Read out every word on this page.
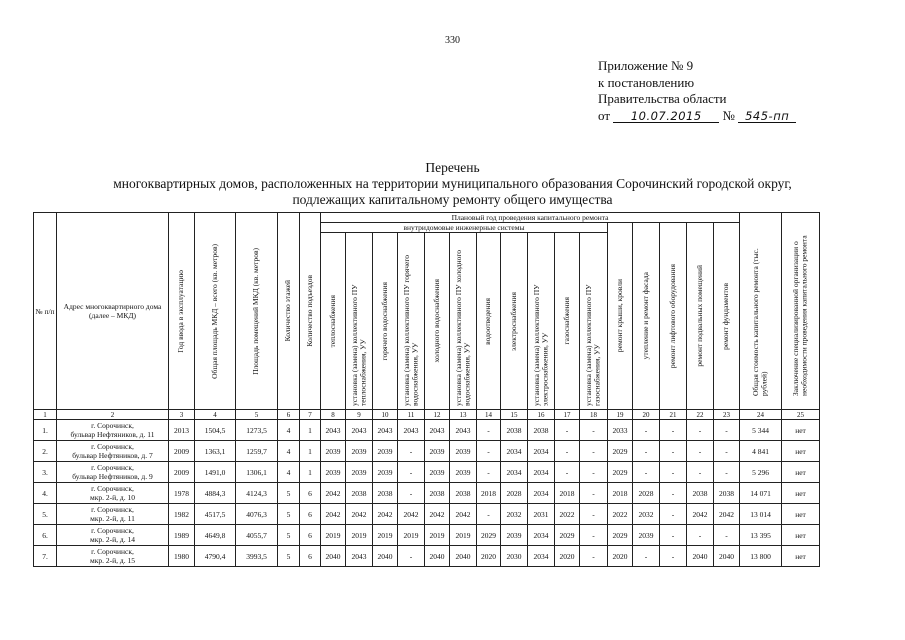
330
Приложение № 9
к постановлению
Правительства области
от 10.07.2015 № 545-пп
Перечень
многоквартирных домов, расположенных на территории муниципального образования Сорочинский городской округ,
подлежащих капитальному ремонту общего имущества
№ п/п	Адрес многоквартирного дома (далее – МКД)	Год ввода в эксплуатацию	Общая площадь МКД – всего (кв. метров)	Площадь помещений МКД (кв. метров)	Количество этажей	Количество подъездов	Плановый год проведения капитального ремонта																Общая стоимость капитального ремонта (тыс. рублей)	Заключение специализированной организации о необходимости проведения капитального ремонта

							внутридомовые инженерные системы											ремонт крыши, кровли	утепление и ремонт фасада	ремонт лифтового оборудования	ремонт подвальных помещений	ремонт фундаментов		

							теплоснабжения	установка (замена) коллективного ПУ теплоснабжения, УУ	горячего водоснабжения	установка (замена) коллективного ПУ горячего водоснабжения, УУ	холодного водоснабжения	установка (замена) коллективного ПУ холодного водоснабжения, УУ	водоотведения	электроснабжения	установка (замена) коллективного ПУ электроснабжения, УУ	газоснабжения	установка (замена) коллективного ПУ газоснабжения, УУ							

1	2	3	4	5	6	7	8	9	10	11	12	13	14	15	16	17	18	19	20	21	22	23	24	25
1.	г. Сорочинск,
бульвар Нефтяников, д. 11	2013	1504,5	1273,5	4	1	2043	2043	2043	2043	2043	2043	-	2038	2038	-	-	2033	-	-	-	-	5 344	нет
2.	г. Сорочинск,
бульвар Нефтяников, д. 7	2009	1363,1	1259,7	4	1	2039	2039	2039	-	2039	2039	-	2034	2034	-	-	2029	-	-	-	-	4 841	нет
3.	г. Сорочинск,
бульвар Нефтяников, д. 9	2009	1491,0	1306,1	4	1	2039	2039	2039	-	2039	2039	-	2034	2034	-	-	2029	-	-	-	-	5 296	нет
4.	г. Сорочинск,
мкр. 2-й, д. 10	1978	4884,3	4124,3	5	6	2042	2038	2038	-	2038	2038	2018	2028	2034	2018	-	2018	2028	-	2038	2038	14 071	нет
5.	г. Сорочинск,
мкр. 2-й, д. 11	1982	4517,5	4076,3	5	6	2042	2042	2042	2042	2042	2042	-	2032	2031	2022	-	2022	2032	-	2042	2042	13 014	нет
6.	г. Сорочинск,
мкр. 2-й, д. 14	1989	4649,8	4055,7	5	6	2019	2019	2019	2019	2019	2019	2029	2039	2034	2029	-	2029	2039	-	-	-	13 395	нет
7.	г. Сорочинск,
мкр. 2-й, д. 15	1980	4790,4	3993,5	5	6	2040	2043	2040	-	2040	2040	2020	2030	2034	2020	-	2020	-	-	2040	2040	13 800	нет
